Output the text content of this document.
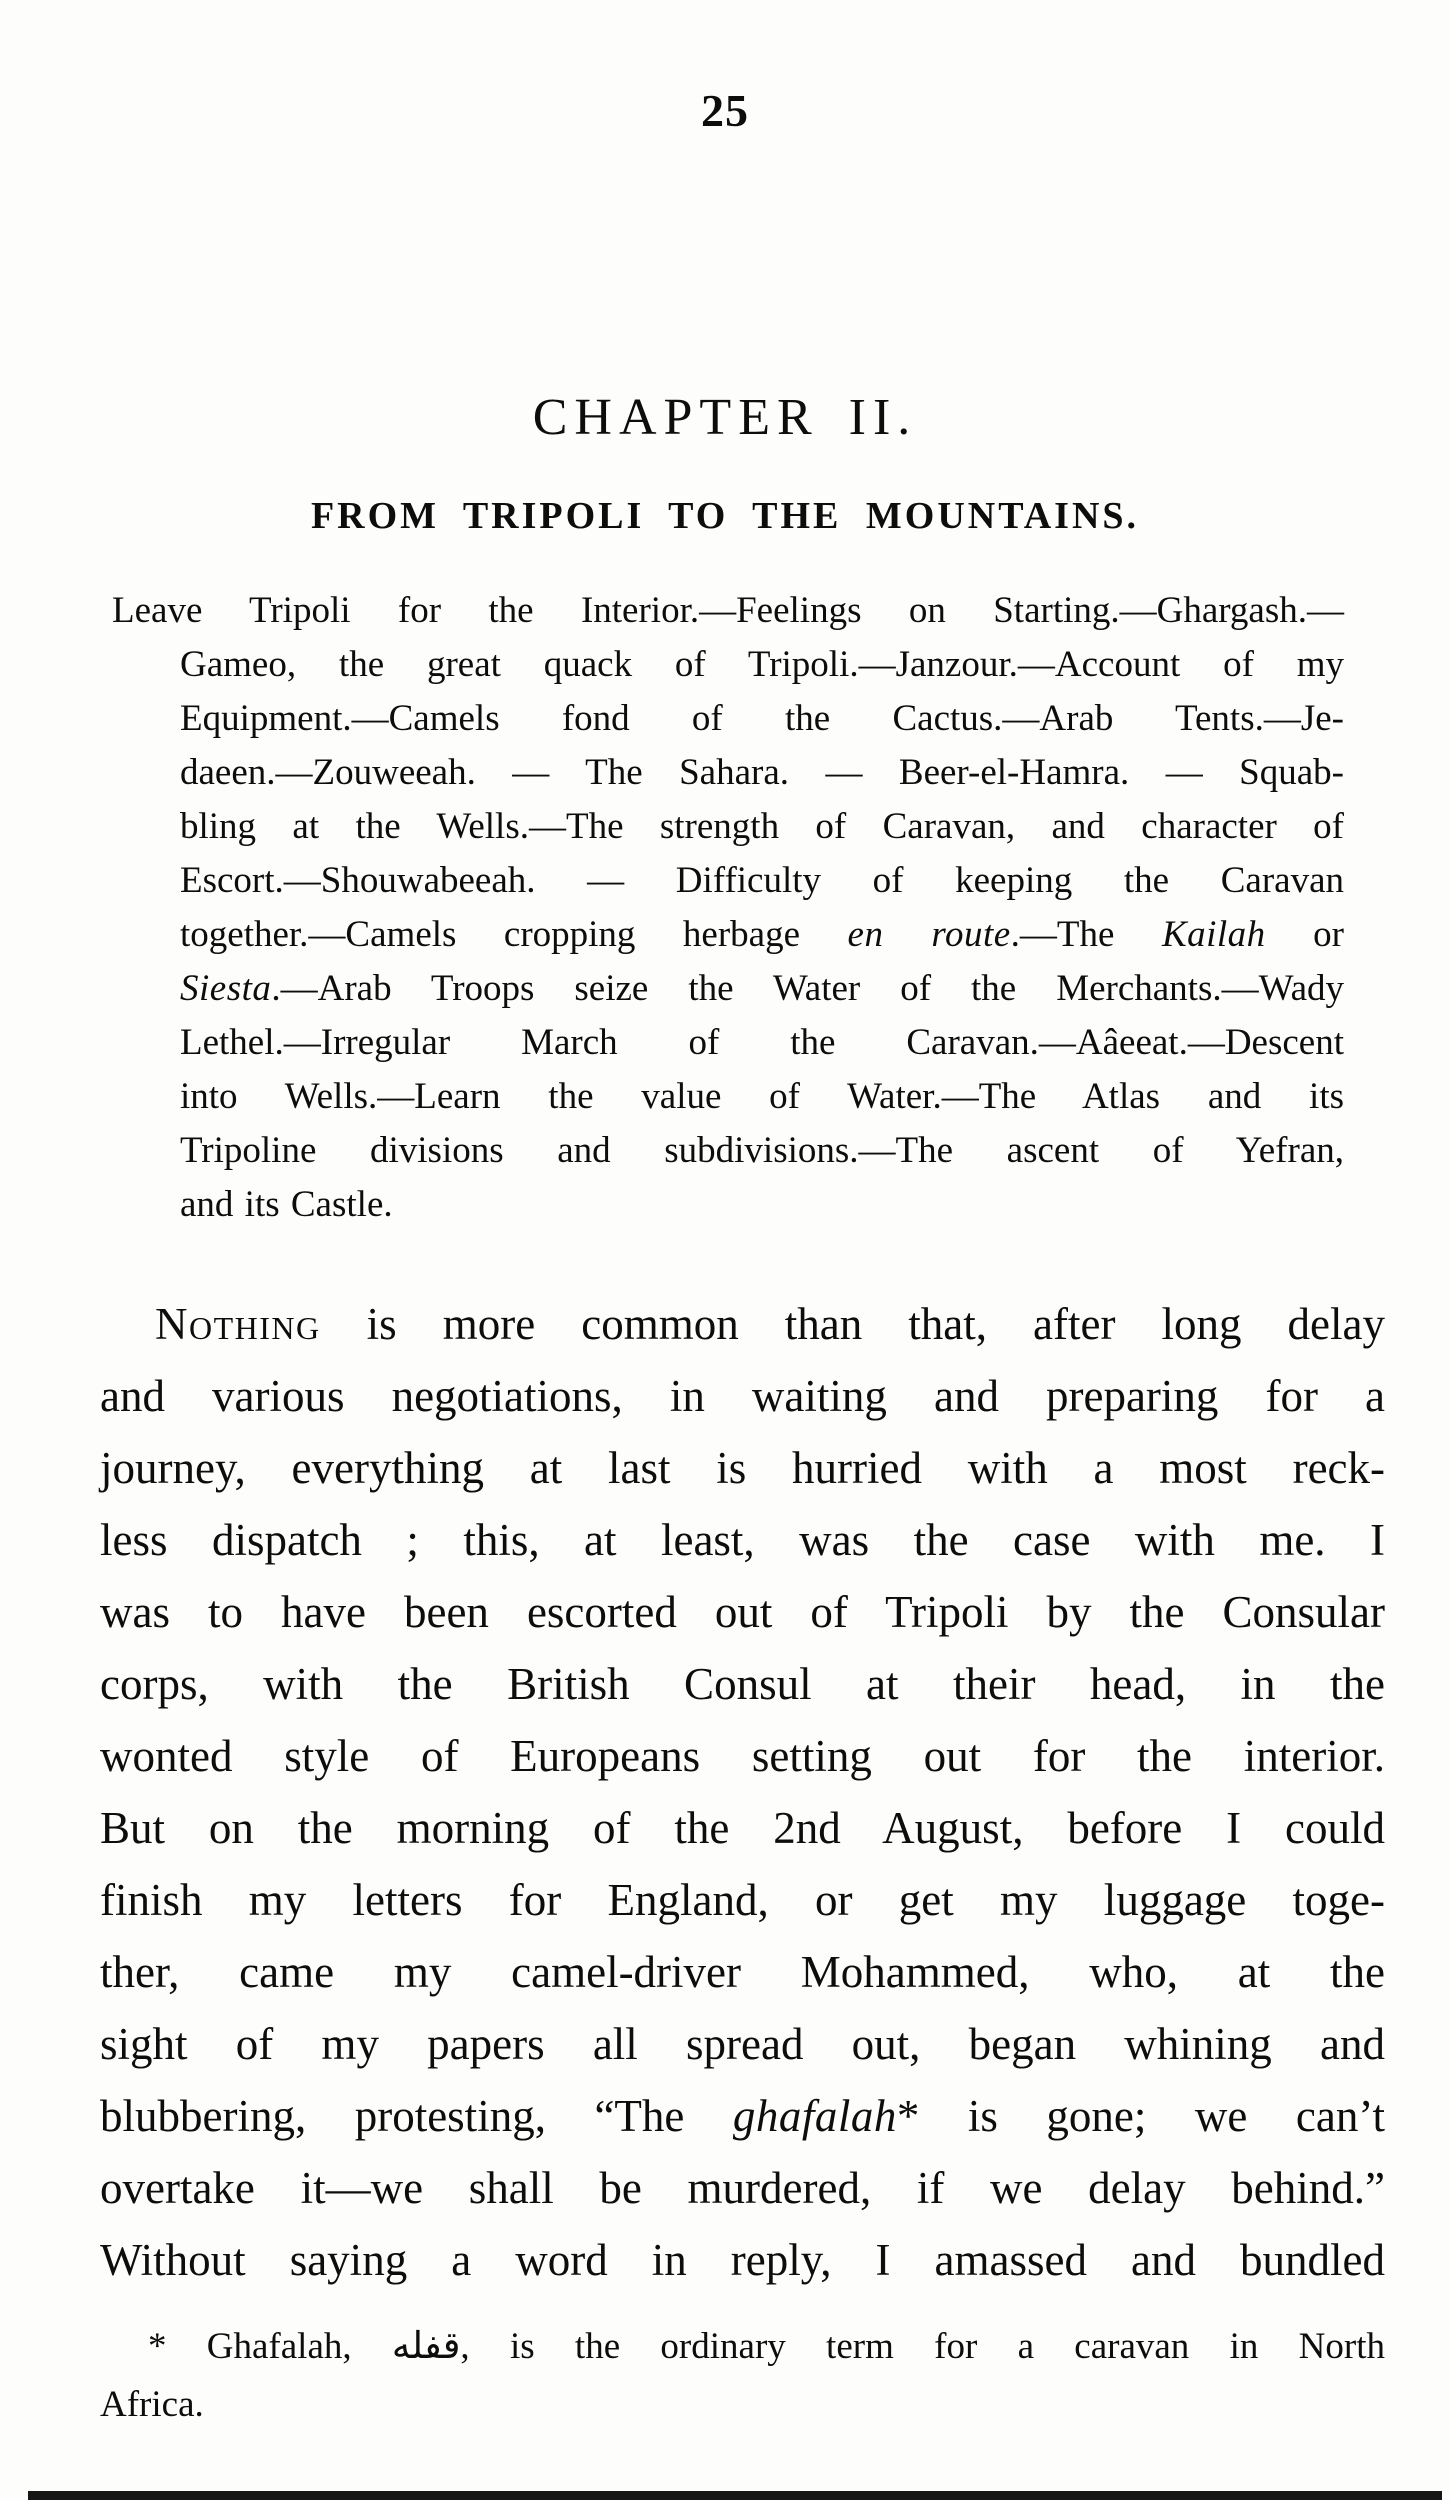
25
CHAPTER II.
FROM TRIPOLI TO THE MOUNTAINS.
Leave Tripoli for the Interior.—Feelings on Starting.—Ghargash.—
Gameo, the great quack of Tripoli.—Janzour.—Account of my
Equipment.—Camels fond of the Cactus.—Arab Tents.—Je-
daeen.—Zouweeah. — The Sahara. — Beer-el-Hamra. — Squab-
bling at the Wells.—The strength of Caravan, and character of
Escort.—Shouwabeeah. — Difficulty of keeping the Caravan
together.—Camels cropping herbage en route.—The Kailah or
Siesta.—Arab Troops seize the Water of the Merchants.—Wady
Lethel.—Irregular March of the Caravan.—Aâeeat.—Descent
into Wells.—Learn the value of Water.—The Atlas and its
Tripoline divisions and subdivisions.—The ascent of Yefran,
and its Castle.
Nothing is more common than that, after long delay
and various negotiations, in waiting and preparing for a
journey, everything at last is hurried with a most reck-
less dispatch ; this, at least, was the case with me. I
was to have been escorted out of Tripoli by the Consular
corps, with the British Consul at their head, in the
wonted style of Europeans setting out for the interior.
But on the morning of the 2nd August, before I could
finish my letters for England, or get my luggage toge-
ther, came my camel-driver Mohammed, who, at the
sight of my papers all spread out, began whining and
blubbering, protesting, “The ghafalah* is gone; we can’t
overtake it—we shall be murdered, if we delay behind.”
Without saying a word in reply, I amassed and bundled
* Ghafalah, قفله, is the ordinary term for a caravan in North
Africa.
